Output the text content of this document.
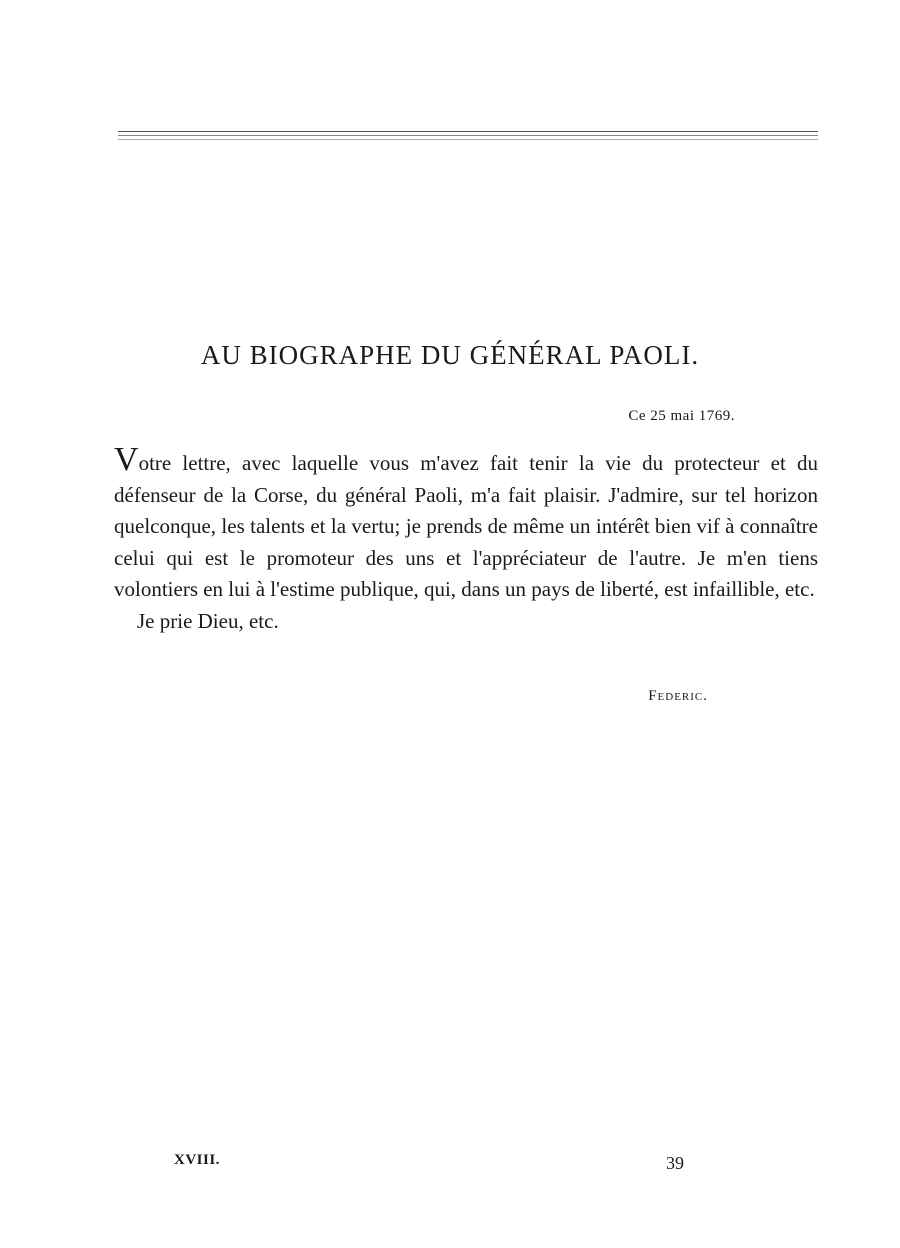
AU BIOGRAPHE DU GÉNÉRAL PAOLI.
Ce 25 mai 1769.

Votre lettre, avec laquelle vous m'avez fait tenir la vie du protecteur et du défenseur de la Corse, du général Paoli, m'a fait plaisir. J'admire, sur tel horizon quelconque, les talents et la vertu; je prends de même un intérêt bien vif à connaître celui qui est le promoteur des uns et l'appréciateur de l'autre. Je m'en tiens volontiers en lui à l'estime publique, qui, dans un pays de liberté, est infaillible, etc.

Je prie Dieu, etc.

Federic.
XVIII.	39
